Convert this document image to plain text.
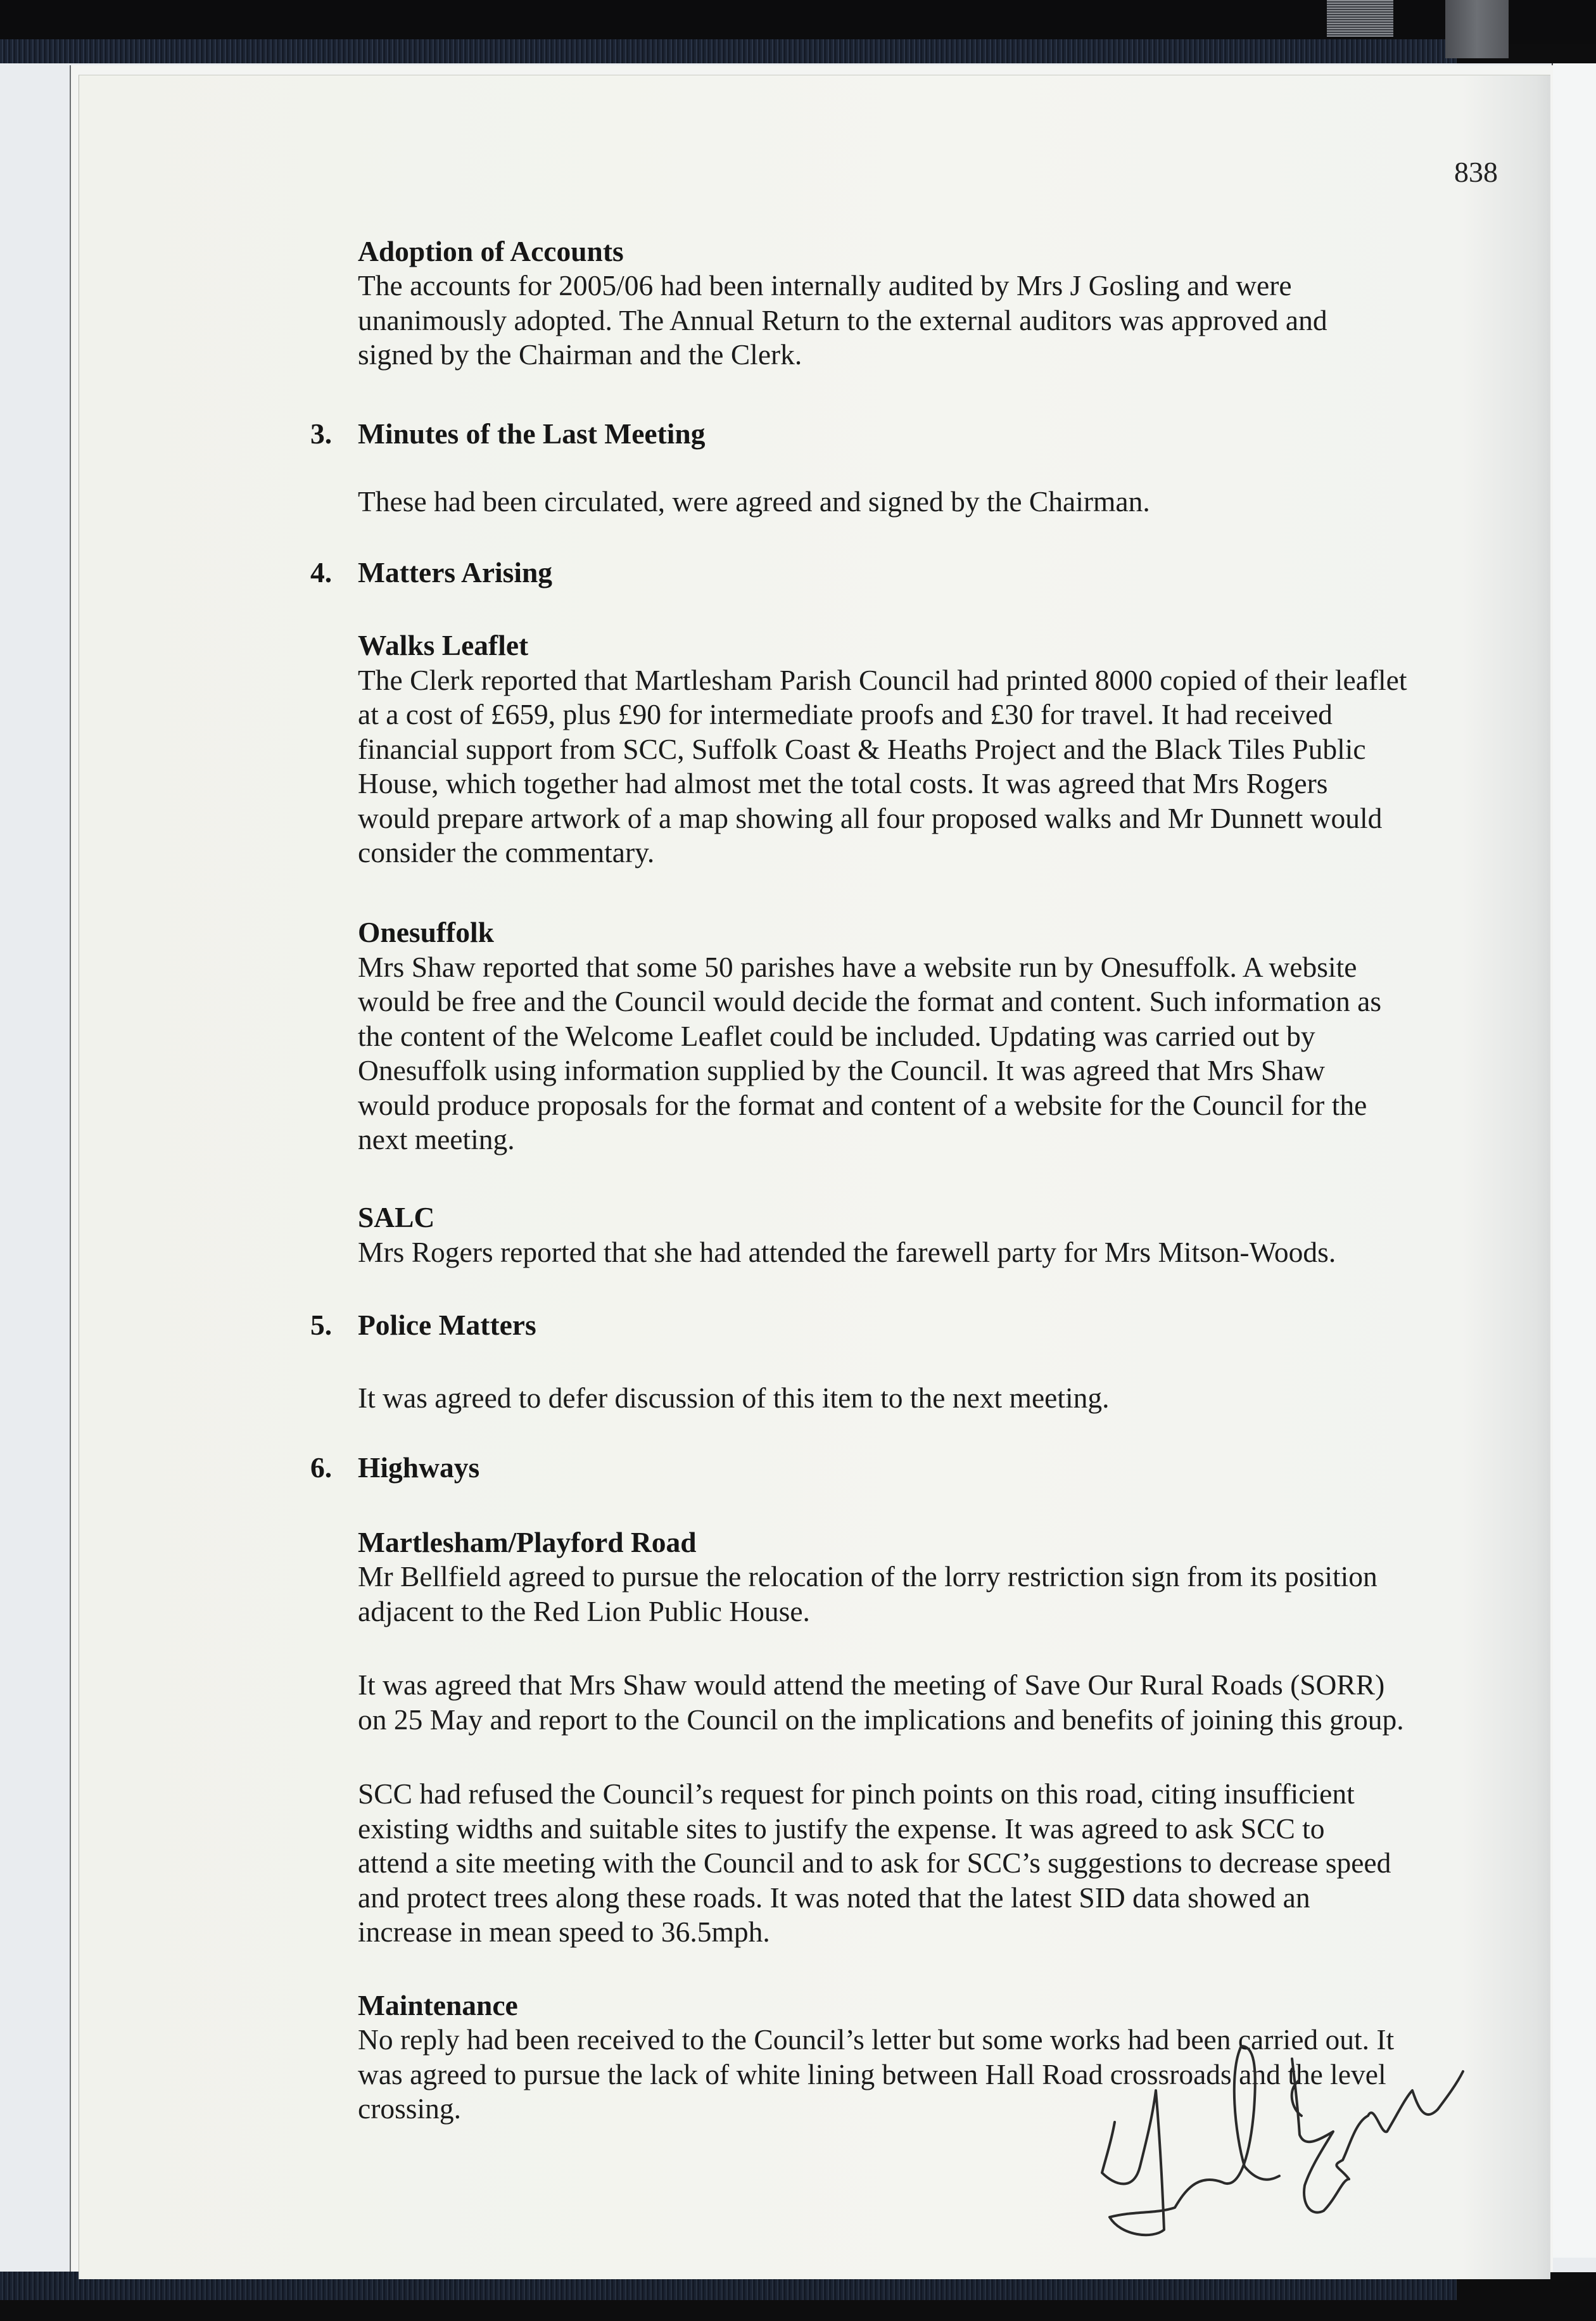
838
Adoption of Accounts
The accounts for 2005/06 had been internally audited by Mrs J Gosling and were
unanimously adopted. The Annual Return to the external auditors was approved and
signed by the Chairman and the Clerk.
3. Minutes of the Last Meeting
These had been circulated, were agreed and signed by the Chairman.
4. Matters Arising
Walks Leaflet
The Clerk reported that Martlesham Parish Council had printed 8000 copied of their leaflet
at a cost of £659, plus £90 for intermediate proofs and £30 for travel. It had received
financial support from SCC, Suffolk Coast & Heaths Project and the Black Tiles Public
House, which together had almost met the total costs. It was agreed that Mrs Rogers
would prepare artwork of a map showing all four proposed walks and Mr Dunnett would
consider the commentary.
Onesuffolk
Mrs Shaw reported that some 50 parishes have a website run by Onesuffolk. A website
would be free and the Council would decide the format and content. Such information as
the content of the Welcome Leaflet could be included. Updating was carried out by
Onesuffolk using information supplied by the Council. It was agreed that Mrs Shaw
would produce proposals for the format and content of a website for the Council for the
next meeting.
SALC
Mrs Rogers reported that she had attended the farewell party for Mrs Mitson-Woods.
5. Police Matters
It was agreed to defer discussion of this item to the next meeting.
6. Highways
Martlesham/Playford Road
Mr Bellfield agreed to pursue the relocation of the lorry restriction sign from its position
adjacent to the Red Lion Public House.
It was agreed that Mrs Shaw would attend the meeting of Save Our Rural Roads (SORR)
on 25 May and report to the Council on the implications and benefits of joining this group.
SCC had refused the Council’s request for pinch points on this road, citing insufficient
existing widths and suitable sites to justify the expense. It was agreed to ask SCC to
attend a site meeting with the Council and to ask for SCC’s suggestions to decrease speed
and protect trees along these roads. It was noted that the latest SID data showed an
increase in mean speed to 36.5mph.
Maintenance
No reply had been received to the Council’s letter but some works had been carried out. It
was agreed to pursue the lack of white lining between Hall Road crossroads and the level
crossing.
